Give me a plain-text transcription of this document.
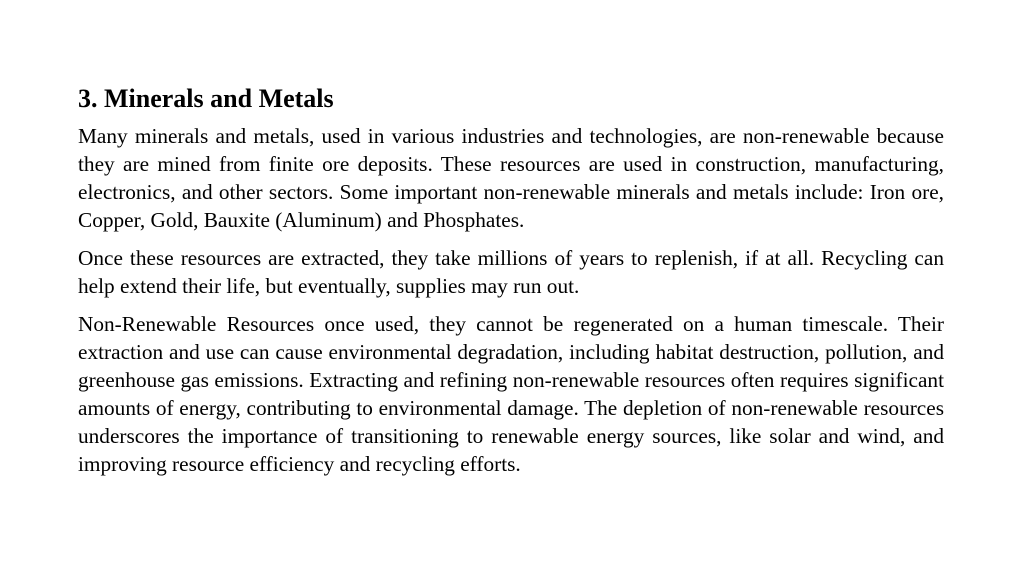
3. Minerals and Metals

Many minerals and metals, used in various industries and technologies, are non-renewable because they are mined from finite ore deposits. These resources are used in construction, manufacturing, electronics, and other sectors. Some important non-renewable minerals and metals include: Iron ore, Copper, Gold, Bauxite (Aluminum) and Phosphates.

Once these resources are extracted, they take millions of years to replenish, if at all. Recycling can help extend their life, but eventually, supplies may run out.

Non-Renewable Resources once used, they cannot be regenerated on a human timescale. Their extraction and use can cause environmental degradation, including habitat destruction, pollution, and greenhouse gas emissions. Extracting and refining non-renewable resources often requires significant amounts of energy, contributing to environmental damage. The depletion of non-renewable resources underscores the importance of transitioning to renewable energy sources, like solar and wind, and improving resource efficiency and recycling efforts.
